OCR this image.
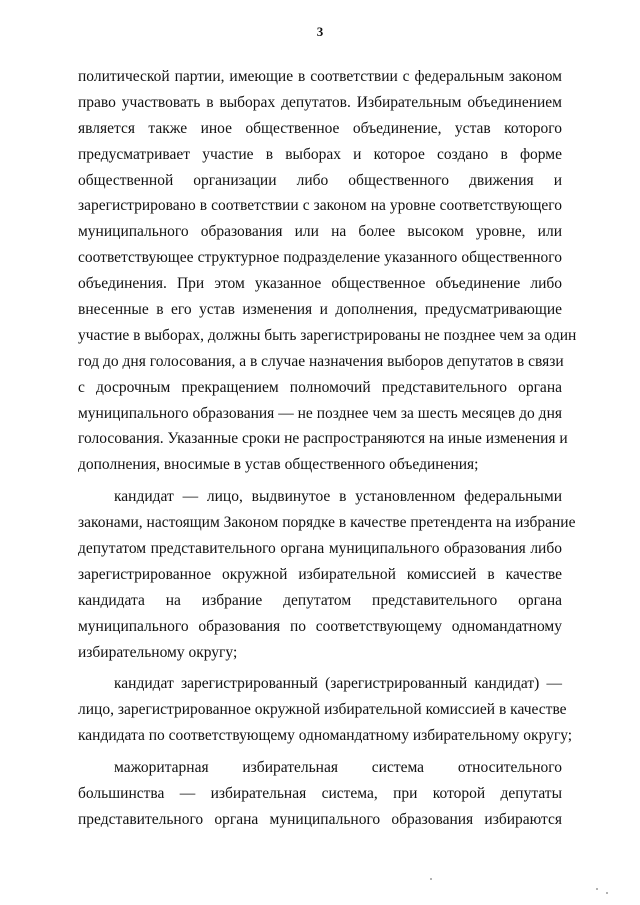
3
политической партии, имеющие в соответствии с федеральным законом
право участвовать в выборах депутатов. Избирательным объединением
является также иное общественное объединение, устав которого
предусматривает участие в выборах и которое создано в форме
общественной организации либо общественного движения и
зарегистрировано в соответствии с законом на уровне соответствующего
муниципального образования или на более высоком уровне, или
соответствующее структурное подразделение указанного общественного
объединения. При этом указанное общественное объединение либо
внесенные в его устав изменения и дополнения, предусматривающие
участие в выборах, должны быть зарегистрированы не позднее чем за один
год до дня голосования, а в случае назначения выборов депутатов в связи
с досрочным прекращением полномочий представительного органа
муниципального образования — не позднее чем за шесть месяцев до дня
голосования. Указанные сроки не распространяются на иные изменения и
дополнения, вносимые в устав общественного объединения;
кандидат — лицо, выдвинутое в установленном федеральными
законами, настоящим Законом порядке в качестве претендента на избрание
депутатом представительного органа муниципального образования либо
зарегистрированное окружной избирательной комиссией в качестве
кандидата на избрание депутатом представительного органа
муниципального образования по соответствующему одномандатному
избирательному округу;
кандидат зарегистрированный (зарегистрированный кандидат) —
лицо, зарегистрированное окружной избирательной комиссией в качестве
кандидата по соответствующему одномандатному избирательному округу;
мажоритарная избирательная система относительного
большинства — избирательная система, при которой депутаты
представительного органа муниципального образования избираются
